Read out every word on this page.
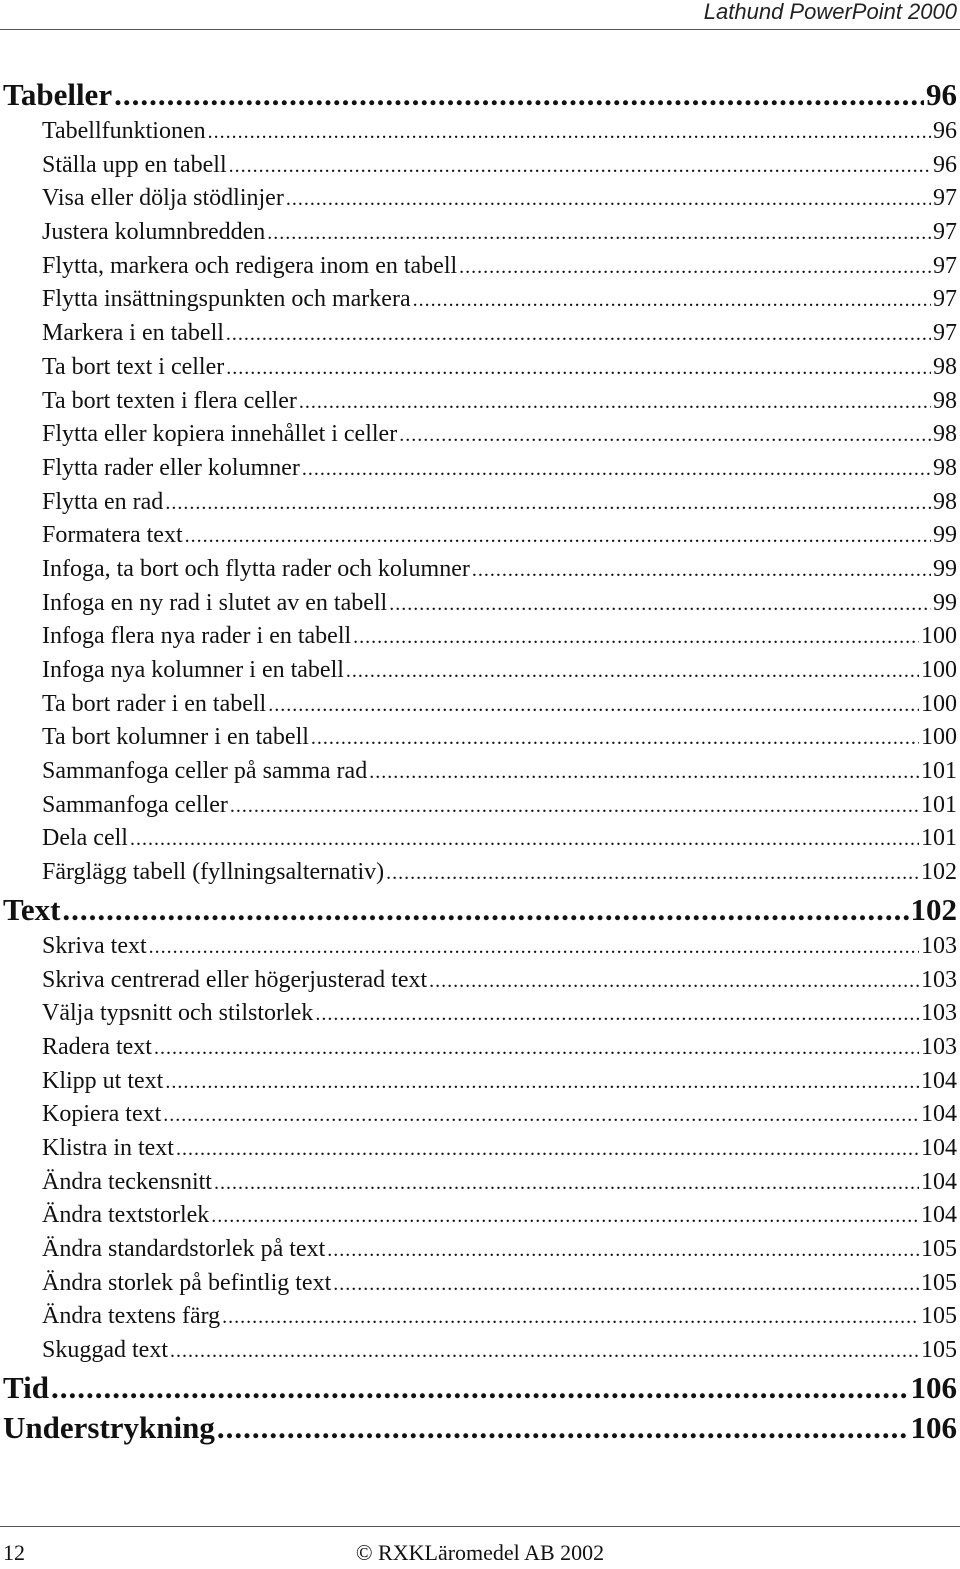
Lathund PowerPoint 2000
Tabeller .....	96
Tabellfunktionen .....	96
Ställa upp en tabell .....	96
Visa eller dölja stödlinjer .....	97
Justera kolumnbredden .....	97
Flytta, markera och redigera inom en tabell .....	97
Flytta insättningspunkten och markera .....	97
Markera i en tabell .....	97
Ta bort text i celler .....	98
Ta bort texten i flera celler .....	98
Flytta eller kopiera innehållet i celler .....	98
Flytta rader eller kolumner .....	98
Flytta en rad .....	98
Formatera text .....	99
Infoga, ta bort och flytta rader och kolumner .....	99
Infoga en ny rad i slutet av en tabell .....	99
Infoga flera nya rader i en tabell .....	100
Infoga nya kolumner i en tabell .....	100
Ta bort rader i en tabell .....	100
Ta bort kolumner i en tabell .....	100
Sammanfoga celler på samma rad .....	101
Sammanfoga celler .....	101
Dela cell .....	101
Färglägg tabell (fyllningsalternativ) .....	102
Text .....	102
Skriva text .....	103
Skriva centrerad eller högerjusterad text .....	103
Välja typsnitt och stilstorlek .....	103
Radera text .....	103
Klipp ut text .....	104
Kopiera text .....	104
Klistra in text .....	104
Ändra teckensnitt .....	104
Ändra textstorlek .....	104
Ändra standardstorlek på text .....	105
Ändra storlek på befintlig text .....	105
Ändra textens färg .....	105
Skuggad text .....	105
Tid .....	106
Understrykning .....	106
12	© RXKLäromedel AB 2002
